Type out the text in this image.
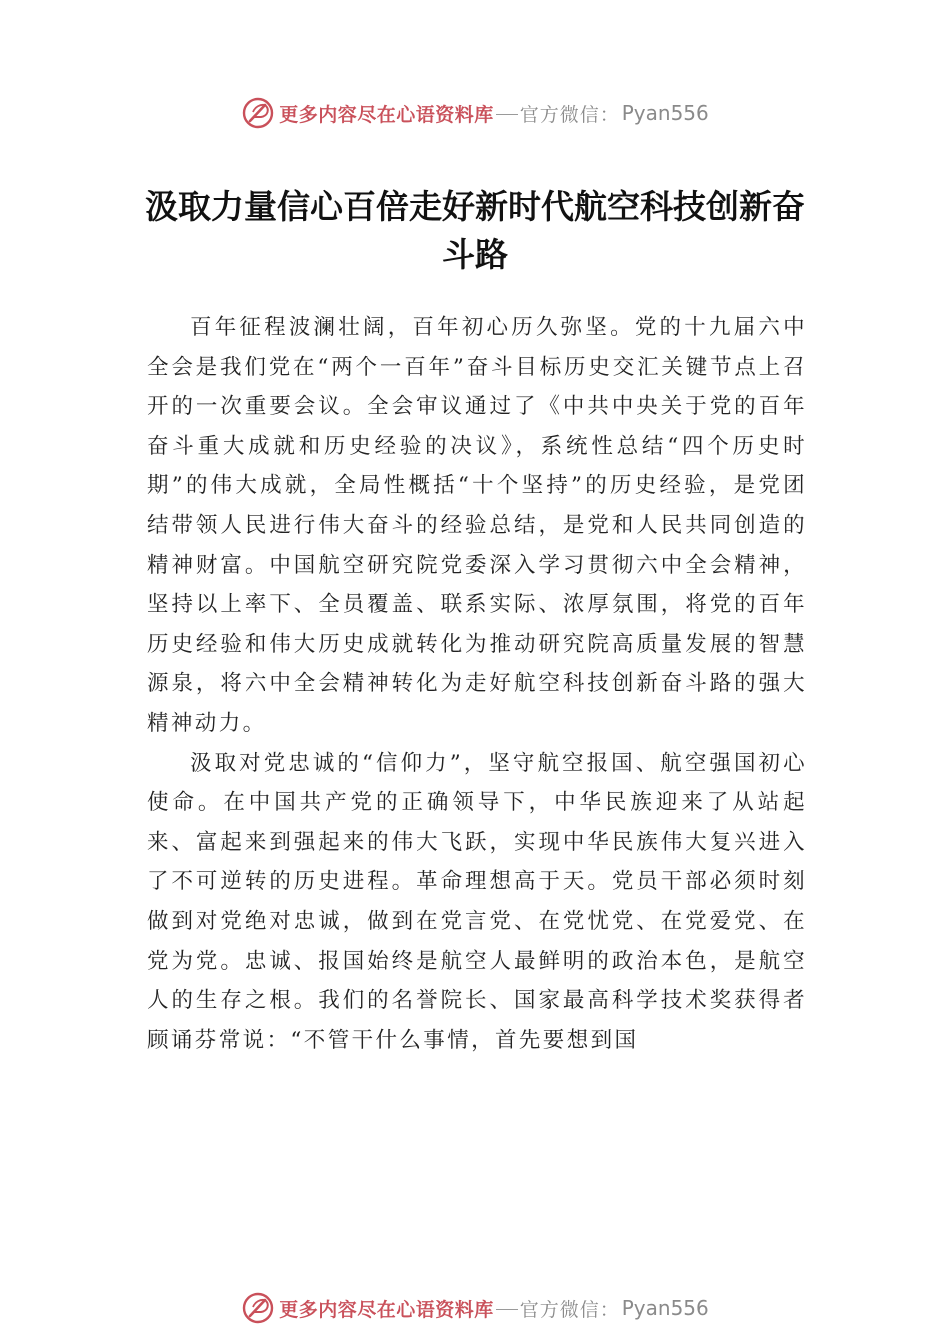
更多内容尽在心语资料库 官方微信： Pyan556
汲取力量信心百倍走好新时代航空科技创新奋斗路

百年征程波澜壮阔，百年初心历久弥坚。党的十九届六中全会是我们党在“两个一百年”奋斗目标历史交汇关键节点上召开的一次重要会议。全会审议通过了《中共中央关于党的百年奋斗重大成就和历史经验的决议》，系统性总结“四个历史时期”的伟大成就，全局性概括“十个坚持”的历史经验，是党团结带领人民进行伟大奋斗的经验总结，是党和人民共同创造的精神财富。中国航空研究院党委深入学习贯彻六中全会精神，坚持以上率下、全员覆盖、联系实际、浓厚氛围，将党的百年历史经验和伟大历史成就转化为推动研究院高质量发展的智慧源泉，将六中全会精神转化为走好航空科技创新奋斗路的强大精神动力。

汲取对党忠诚的“信仰力”，坚守航空报国、航空强国初心使命。在中国共产党的正确领导下，中华民族迎来了从站起来、富起来到强起来的伟大飞跃，实现中华民族伟大复兴进入了不可逆转的历史进程。革命理想高于天。党员干部必须时刻做到对党绝对忠诚，做到在党言党、在党忧党、在党爱党、在党为党。忠诚、报国始终是航空人最鲜明的政治本色，是航空人的生存之根。我们的名誉院长、国家最高科学技术奖获得者顾诵芬常说：“不管干什么事情，首先要想到国

更多内容尽在心语资料库 官方微信： Pyan556
